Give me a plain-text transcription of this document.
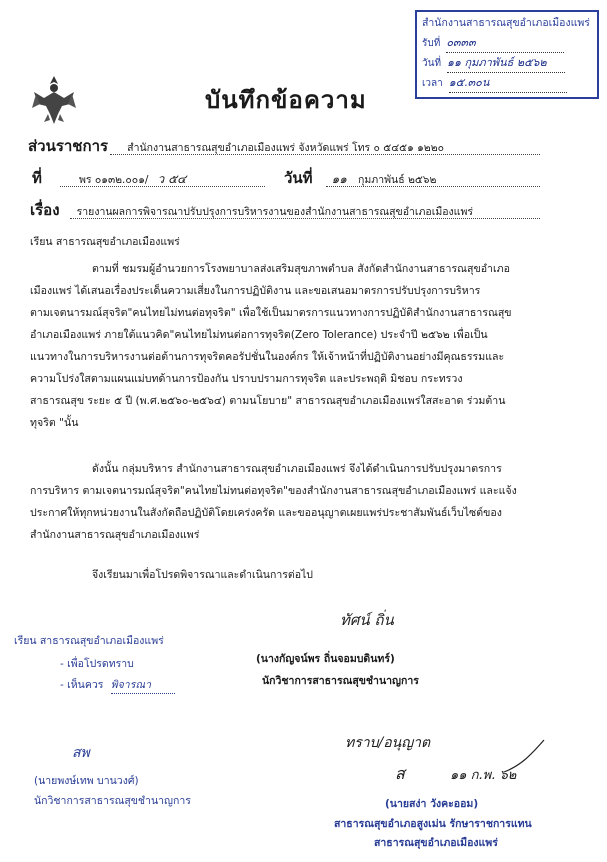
สำนักงานสาธารณสุขอำเภอเมืองแพร่
รับที่ ๐๓๓๓
วันที่ ๑๑ กุมภาพันธ์ ๒๕๖๒
เวลา ๑๕.๓๐น
บันทึกข้อความ
ส่วนราชการ สำนักงานสาธารณสุขอำเภอเมืองแพร่ จังหวัดแพร่ โทร ๐ ๕๔๕๑ ๑๒๒๐
ที่	พร ๐๑๓๒.๐๐๑/ ว ๕๔	วันที่ ๑๑ กุมภาพันธ์ ๒๕๖๒
เรื่อง รายงานผลการพิจารณาปรับปรุงการบริหารงานของสำนักงานสาธารณสุขอำเภอเมืองแพร่
เรียน สาธารณสุขอำเภอเมืองแพร่
ตามที่ ชมรมผู้อำนวยการโรงพยาบาลส่งเสริมสุขภาพตำบล สังกัดสำนักงานสาธารณสุขอำเภอ
เมืองแพร่ ได้เสนอเรื่องประเด็นความเสี่ยงในการปฏิบัติงาน และขอเสนอมาตรการปรับปรุงการบริหาร
ตามเจตนารมณ์สุจริต"คนไทยไม่ทนต่อทุจริต" เพื่อใช้เป็นมาตรการแนวทางการปฏิบัติสำนักงานสาธารณสุข
อำเภอเมืองแพร่ ภายใต้แนวคิด"คนไทยไม่ทนต่อการทุจริต(Zero Tolerance) ประจำปี ๒๕๖๒ เพื่อเป็น
แนวทางในการบริหารงานต่อต้านการทุจริตคอรัปชั่นในองค์กร ให้เจ้าหน้าที่ปฏิบัติงานอย่างมีคุณธรรมและ
ความโปร่งใสตามแผนแม่บทด้านการป้องกัน ปราบปรามการทุจริต และประพฤติ มิชอบ กระทรวง
สาธารณสุข ระยะ ๕ ปี (พ.ศ.๒๕๖๐-๒๕๖๔) ตามนโยบาย" สาธารณสุขอำเภอเมืองแพร่ใสสะอาด ร่วมต้าน
ทุจริต "นั้น
ดังนั้น กลุ่มบริหาร สำนักงานสาธารณสุขอำเภอเมืองแพร่ จึงได้ดำเนินการปรับปรุงมาตรการ
การบริหาร ตามเจตนารมณ์สุจริต"คนไทยไม่ทนต่อทุจริต"ของสำนักงานสาธารณสุขอำเภอเมืองแพร่ และแจ้ง
ประกาศให้ทุกหน่วยงานในสังกัดถือปฏิบัติโดยเคร่งครัด และขออนุญาตเผยแพร่ประชาสัมพันธ์เว็บไซต์ของ
สำนักงานสาธารณสุขอำเภอเมืองแพร่
จึงเรียนมาเพื่อโปรดพิจารณาและดำเนินการต่อไป
ทัศน์ ถิ่น
(นางกัญจน์พร ถิ่นจอมบดินทร์)
นักวิชาการสาธารณสุขชำนาญการ
เรียน สาธารณสุขอำเภอเมืองแพร่
- เพื่อโปรดทราบ
- เห็นควร พิจารณา
สพ
(นายพงษ์เทพ บานวงศ์)
นักวิชาการสาธารณสุขชำนาญการ
ทราบ/อนุญาต
ส	๑๑ ก.พ. ๖๒
(นายสง่า วังคะออม)
สาธารณสุขอำเภอสูงเม่น รักษาราชการแทน
สาธารณสุขอำเภอเมืองแพร่
